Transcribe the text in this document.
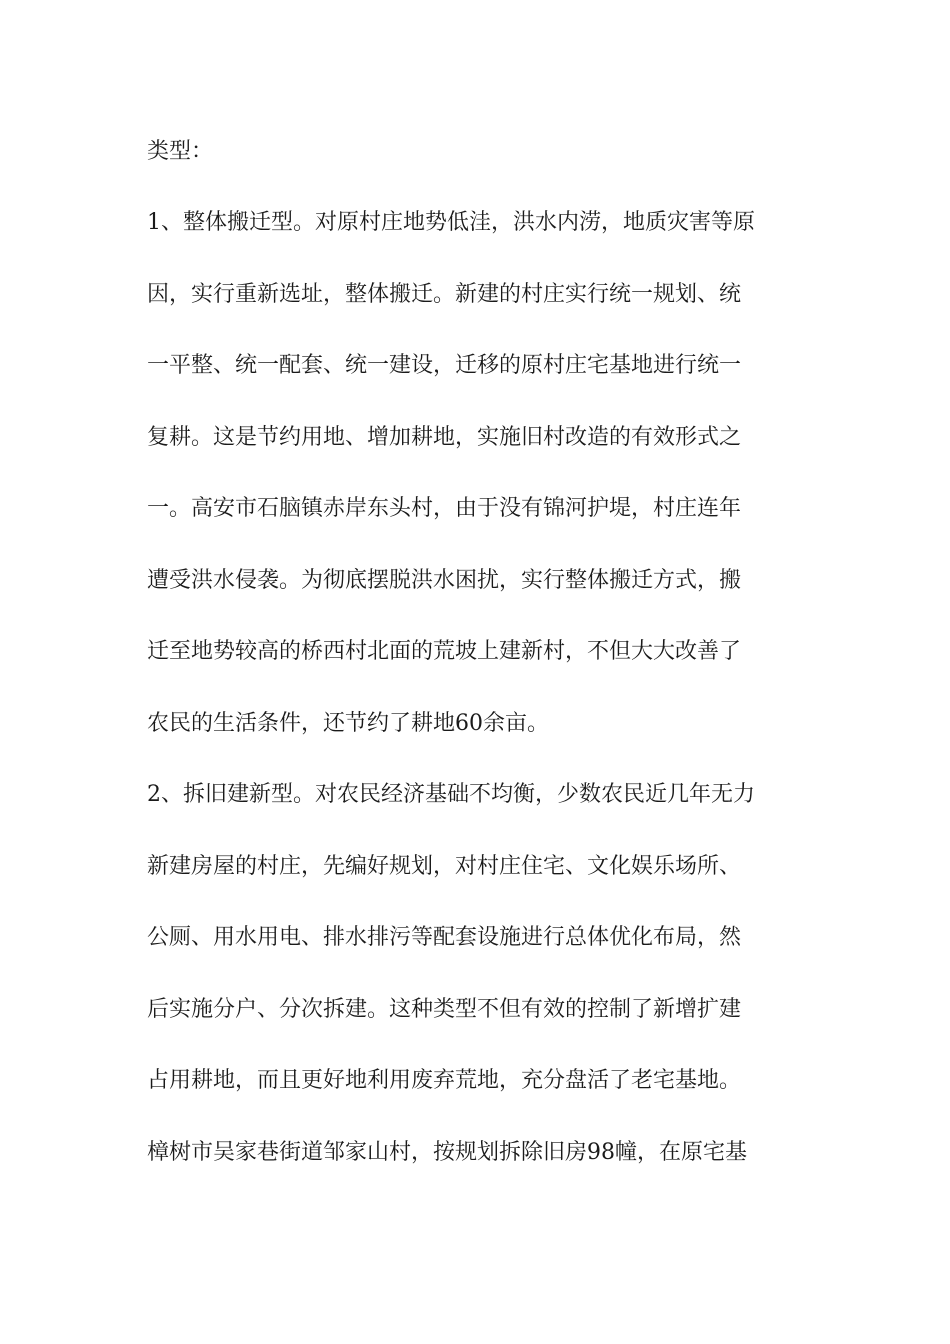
类型：
1、整体搬迁型。对原村庄地势低洼，洪水内涝，地质灾害等原
因，实行重新选址，整体搬迁。新建的村庄实行统一规划、统
一平整、统一配套、统一建设，迁移的原村庄宅基地进行统一
复耕。这是节约用地、增加耕地，实施旧村改造的有效形式之
一。高安市石脑镇赤岸东头村，由于没有锦河护堤，村庄连年
遭受洪水侵袭。为彻底摆脱洪水困扰，实行整体搬迁方式，搬
迁至地势较高的桥西村北面的荒坡上建新村，不但大大改善了
农民的生活条件，还节约了耕地60余亩。
2、拆旧建新型。对农民经济基础不均衡，少数农民近几年无力
新建房屋的村庄，先编好规划，对村庄住宅、文化娱乐场所、
公厕、用水用电、排水排污等配套设施进行总体优化布局，然
后实施分户、分次拆建。这种类型不但有效的控制了新增扩建
占用耕地，而且更好地利用废弃荒地，充分盘活了老宅基地。
樟树市吴家巷街道邹家山村，按规划拆除旧房98幢，在原宅基
